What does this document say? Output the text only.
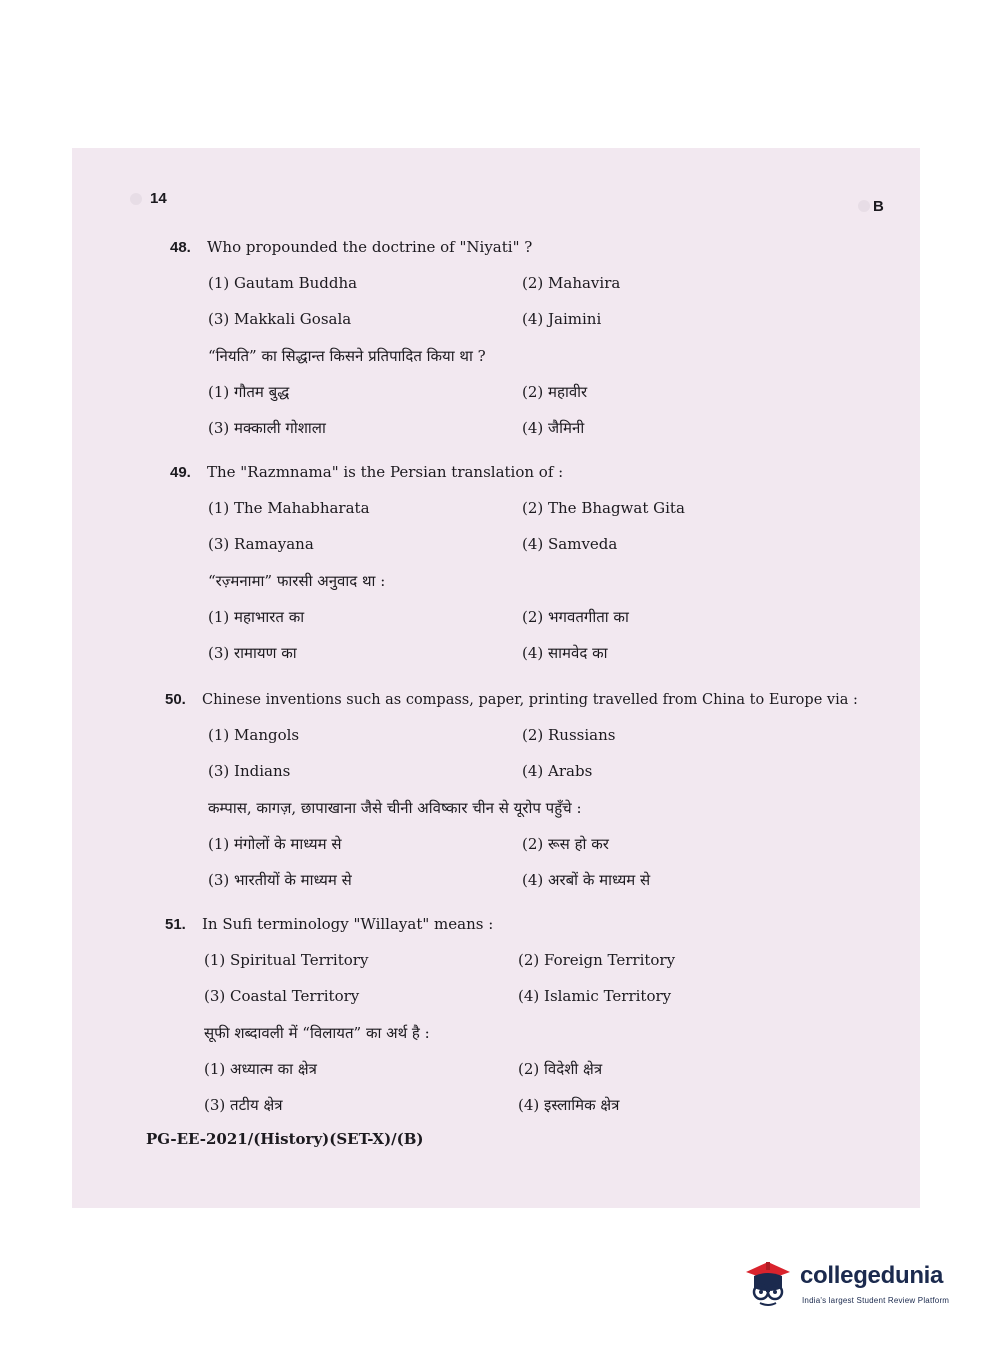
14	B
48. Who propounded the doctrine of "Niyati" ?
(1) Gautam Buddha	(2) Mahavira
(3) Makkali Gosala	(4) Jaimini
“नियति” का सिद्धान्त किसने प्रतिपादित किया था ?
(1) गौतम बुद्ध	(2) महावीर
(3) मक्काली गोशाला	(4) जैमिनी
49. The "Razmnama" is the Persian translation of :
(1) The Mahabharata	(2) The Bhagwat Gita
(3) Ramayana	(4) Samveda
“रज़्मनामा” फारसी अनुवाद था :
(1) महाभारत का	(2) भगवतगीता का
(3) रामायण का	(4) सामवेद का
50. Chinese inventions such as compass, paper, printing travelled from China to Europe via :
(1) Mangols	(2) Russians
(3) Indians	(4) Arabs
कम्पास, कागज़, छापाखाना जैसे चीनी अविष्कार चीन से यूरोप पहुँचे :
(1) मंगोलों के माध्यम से	(2) रूस हो कर
(3) भारतीयों के माध्यम से	(4) अरबों के माध्यम से
51. In Sufi terminology "Willayat" means :
(1) Spiritual Territory	(2) Foreign Territory
(3) Coastal Territory	(4) Islamic Territory
सूफी शब्दावली में “विलायत” का अर्थ है :
(1) अध्यात्म का क्षेत्र	(2) विदेशी क्षेत्र
(3) तटीय क्षेत्र	(4) इस्लामिक क्षेत्र
PG-EE-2021/(History)(SET-X)/(B)
collegedunia
India's largest Student Review Platform
